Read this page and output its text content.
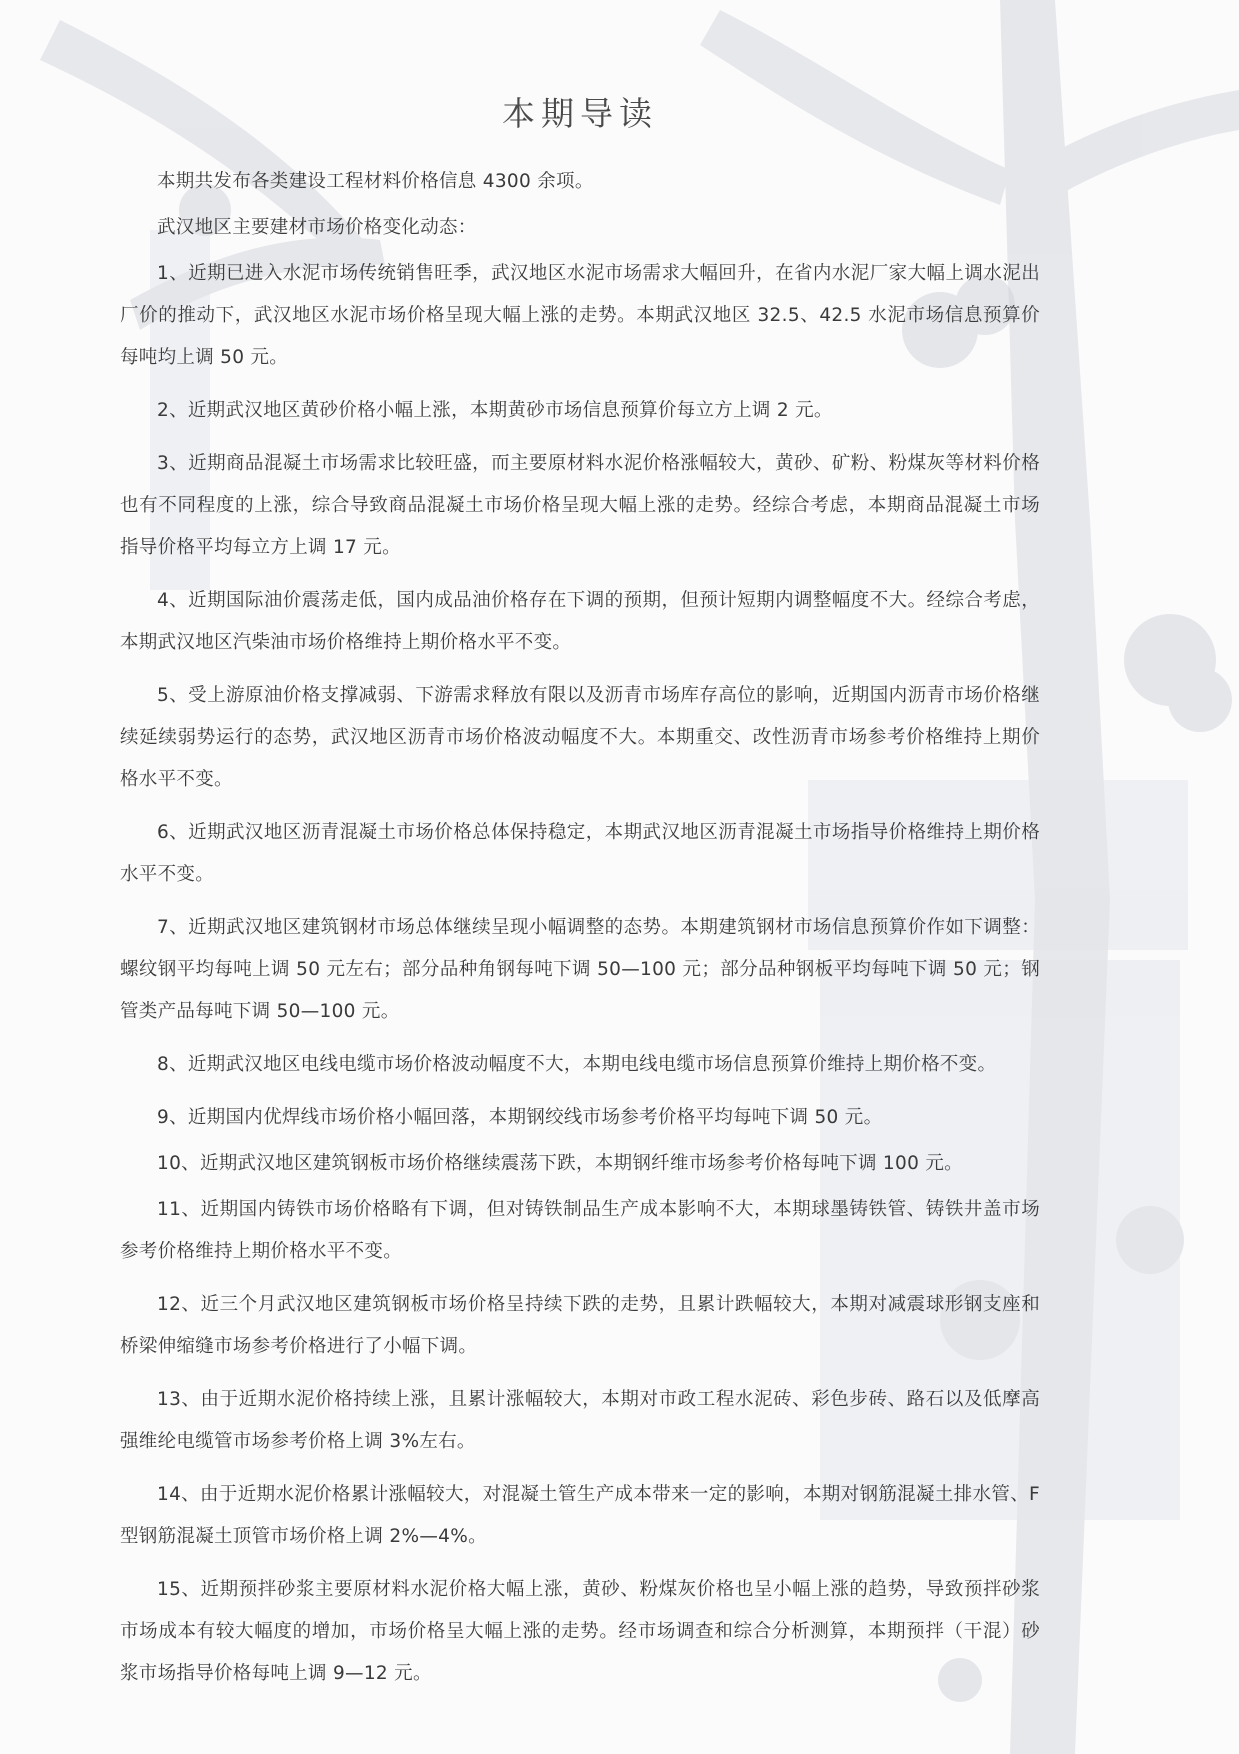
本期导读

本期共发布各类建设工程材料价格信息 4300 余项。

武汉地区主要建材市场价格变化动态：

1、近期已进入水泥市场传统销售旺季，武汉地区水泥市场需求大幅回升，在省内水泥厂家大幅上调水泥出厂价的推动下，武汉地区水泥市场价格呈现大幅上涨的走势。本期武汉地区 32.5、42.5 水泥市场信息预算价每吨均上调 50 元。

2、近期武汉地区黄砂价格小幅上涨，本期黄砂市场信息预算价每立方上调 2 元。

3、近期商品混凝土市场需求比较旺盛，而主要原材料水泥价格涨幅较大，黄砂、矿粉、粉煤灰等材料价格也有不同程度的上涨，综合导致商品混凝土市场价格呈现大幅上涨的走势。经综合考虑，本期商品混凝土市场指导价格平均每立方上调 17 元。

4、近期国际油价震荡走低，国内成品油价格存在下调的预期，但预计短期内调整幅度不大。经综合考虑，本期武汉地区汽柴油市场价格维持上期价格水平不变。

5、受上游原油价格支撑减弱、下游需求释放有限以及沥青市场库存高位的影响，近期国内沥青市场价格继续延续弱势运行的态势，武汉地区沥青市场价格波动幅度不大。本期重交、改性沥青市场参考价格维持上期价格水平不变。

6、近期武汉地区沥青混凝土市场价格总体保持稳定，本期武汉地区沥青混凝土市场指导价格维持上期价格水平不变。

7、近期武汉地区建筑钢材市场总体继续呈现小幅调整的态势。本期建筑钢材市场信息预算价作如下调整：螺纹钢平均每吨上调 50 元左右；部分品种角钢每吨下调 50—100 元；部分品种钢板平均每吨下调 50 元；钢管类产品每吨下调 50—100 元。

8、近期武汉地区电线电缆市场价格波动幅度不大，本期电线电缆市场信息预算价维持上期价格不变。

9、近期国内优焊线市场价格小幅回落，本期钢绞线市场参考价格平均每吨下调 50 元。

10、近期武汉地区建筑钢板市场价格继续震荡下跌，本期钢纤维市场参考价格每吨下调 100 元。

11、近期国内铸铁市场价格略有下调，但对铸铁制品生产成本影响不大，本期球墨铸铁管、铸铁井盖市场参考价格维持上期价格水平不变。

12、近三个月武汉地区建筑钢板市场价格呈持续下跌的走势，且累计跌幅较大，本期对减震球形钢支座和桥梁伸缩缝市场参考价格进行了小幅下调。

13、由于近期水泥价格持续上涨，且累计涨幅较大，本期对市政工程水泥砖、彩色步砖、路石以及低摩高强维纶电缆管市场参考价格上调 3%左右。

14、由于近期水泥价格累计涨幅较大，对混凝土管生产成本带来一定的影响，本期对钢筋混凝土排水管、F 型钢筋混凝土顶管市场价格上调 2%—4%。

15、近期预拌砂浆主要原材料水泥价格大幅上涨，黄砂、粉煤灰价格也呈小幅上涨的趋势，导致预拌砂浆市场成本有较大幅度的增加，市场价格呈大幅上涨的走势。经市场调查和综合分析测算，本期预拌（干混）砂浆市场指导价格每吨上调 9—12 元。
